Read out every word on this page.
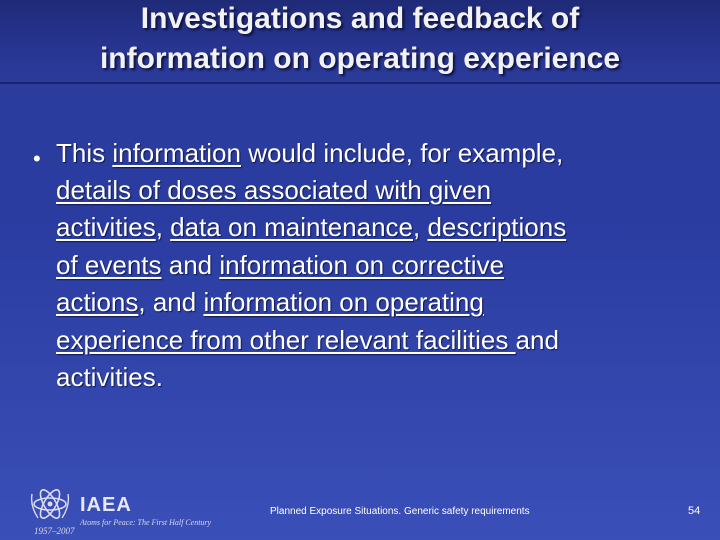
Investigations and feedback of
information on operating experience
• This information would include, for example,
details of doses associated with given
activities, data on maintenance, descriptions
of events and information on corrective
actions, and information on operating
experience from other relevant facilities and
activities.
IAEA
Atoms for Peace: The First Half Century
1957–2007
Planned Exposure Situations. Generic safety requirements	54
